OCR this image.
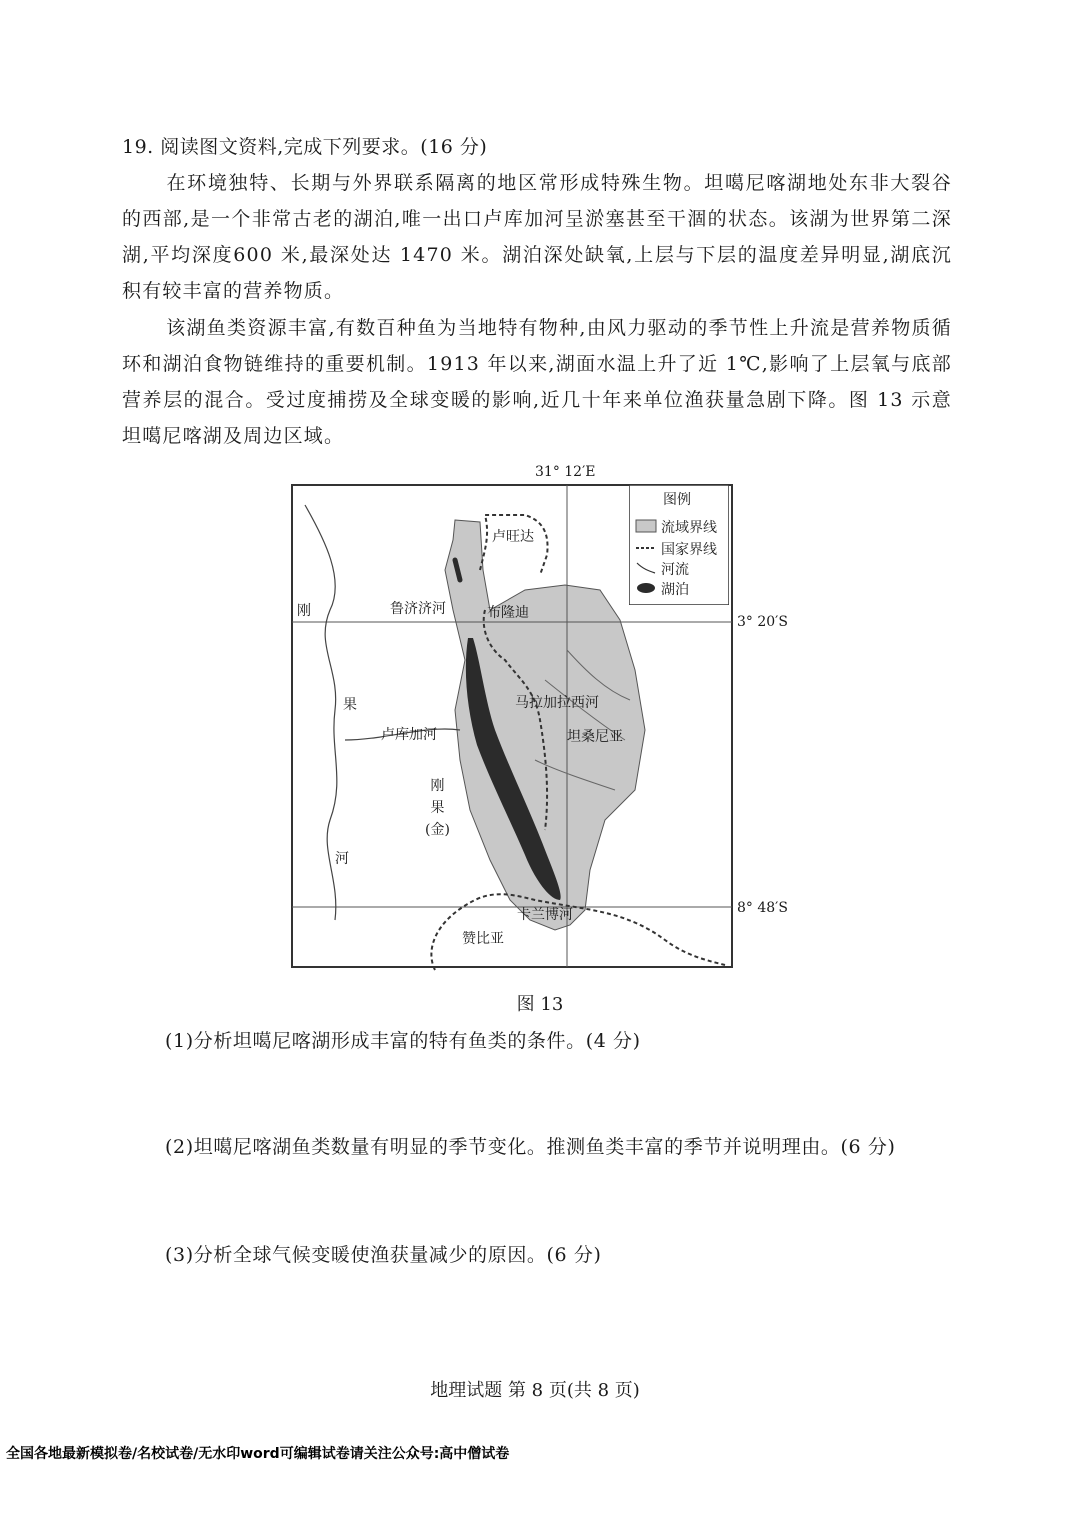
19. 阅读图文资料,完成下列要求。(16 分)

在环境独特、长期与外界联系隔离的地区常形成特殊生物。坦噶尼喀湖地处东非大裂谷的西部,是一个非常古老的湖泊,唯一出口卢库加河呈淤塞甚至干涸的状态。该湖为世界第二深湖,平均深度600 米,最深处达 1470 米。湖泊深处缺氧,上层与下层的温度差异明显,湖底沉积有较丰富的营养物质。

该湖鱼类资源丰富,有数百种鱼为当地特有物种,由风力驱动的季节性上升流是营养物质循环和湖泊食物链维持的重要机制。1913 年以来,湖面水温上升了近 1℃,影响了上层氧与底部营养层的混合。受过度捕捞及全球变暖的影响,近几十年来单位渔获量急剧下降。图 13 示意坦噶尼喀湖及周边区域。

31° 12′E
3° 20′S
8° 48′S
图例
流域界线
国家界线
河流
湖泊
卢旺达
鲁济济河	布隆迪
马拉加拉西河
坦桑尼亚
卢库加河
刚
果
(金)
卡兰博河
赞比亚
刚
果
河
图 13
(1)分析坦噶尼喀湖形成丰富的特有鱼类的条件。(4 分)
(2)坦噶尼喀湖鱼类数量有明显的季节变化。推测鱼类丰富的季节并说明理由。(6 分)
(3)分析全球气候变暖使渔获量减少的原因。(6 分)
地理试题 第 8 页(共 8 页)
全国各地最新模拟卷/名校试卷/无水印word可编辑试卷请关注公众号:高中僧试卷
